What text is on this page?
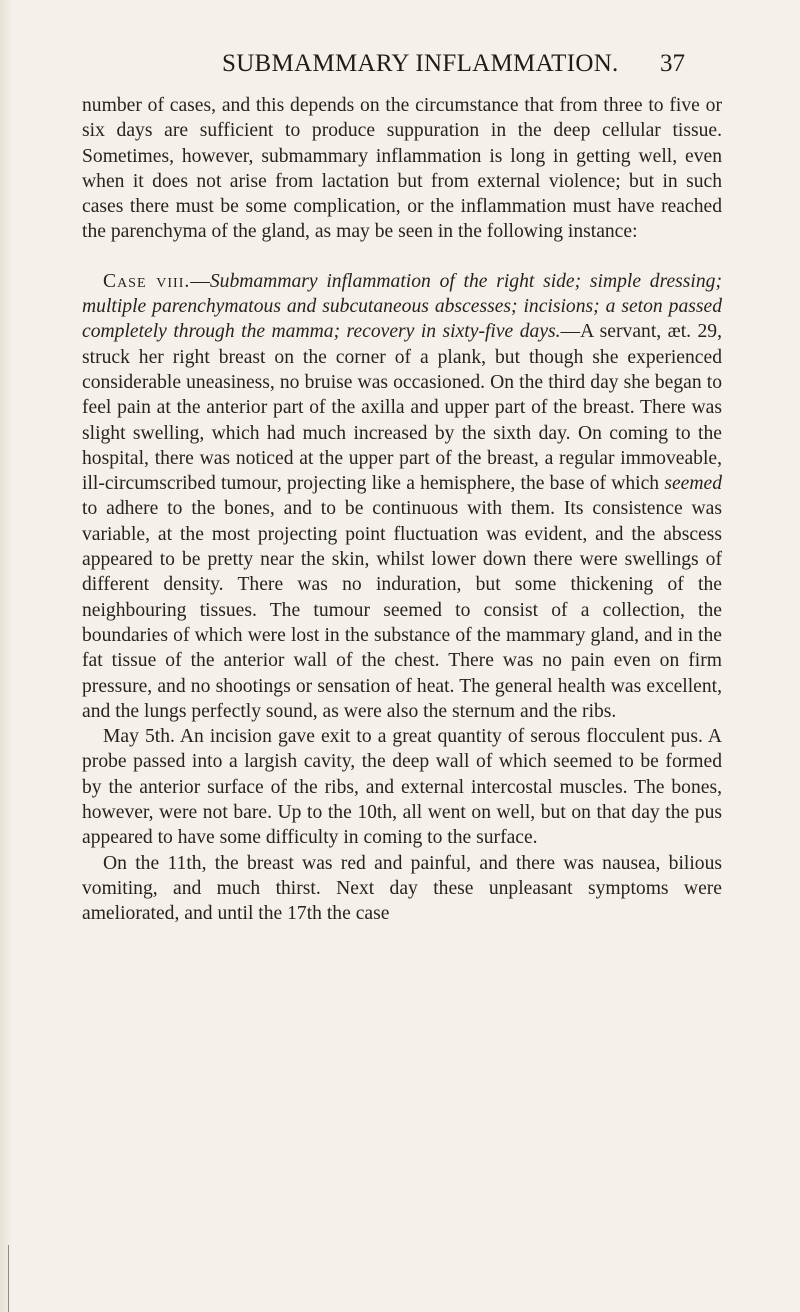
SUBMAMMARY INFLAMMATION. 37

number of cases, and this depends on the circumstance that from three to five or six days are sufficient to produce suppuration in the deep cellular tissue. Sometimes, however, submammary inflammation is long in getting well, even when it does not arise from lactation but from external violence; but in such cases there must be some complication, or the inflammation must have reached the parenchyma of the gland, as may be seen in the following instance:

Case viii.—Submammary inflammation of the right side; simple dressing; multiple parenchymatous and subcutaneous abscesses; incisions; a seton passed completely through the mamma; recovery in sixty-five days.—A servant, æt. 29, struck her right breast on the corner of a plank, but though she experienced considerable uneasiness, no bruise was occasioned. On the third day she began to feel pain at the anterior part of the axilla and upper part of the breast. There was slight swelling, which had much increased by the sixth day. On coming to the hospital, there was noticed at the upper part of the breast, a regular immoveable, ill-circumscribed tumour, projecting like a hemisphere, the base of which seemed to adhere to the bones, and to be continuous with them. Its consistence was variable, at the most projecting point fluctuation was evident, and the abscess appeared to be pretty near the skin, whilst lower down there were swellings of different density. There was no induration, but some thickening of the neighbouring tissues. The tumour seemed to consist of a collection, the boundaries of which were lost in the substance of the mammary gland, and in the fat tissue of the anterior wall of the chest. There was no pain even on firm pressure, and no shootings or sensation of heat. The general health was excellent, and the lungs perfectly sound, as were also the sternum and the ribs.

May 5th. An incision gave exit to a great quantity of serous flocculent pus. A probe passed into a largish cavity, the deep wall of which seemed to be formed by the anterior surface of the ribs, and external intercostal muscles. The bones, however, were not bare. Up to the 10th, all went on well, but on that day the pus appeared to have some difficulty in coming to the surface.

On the 11th, the breast was red and painful, and there was nausea, bilious vomiting, and much thirst. Next day these unpleasant symptoms were ameliorated, and until the 17th the case
